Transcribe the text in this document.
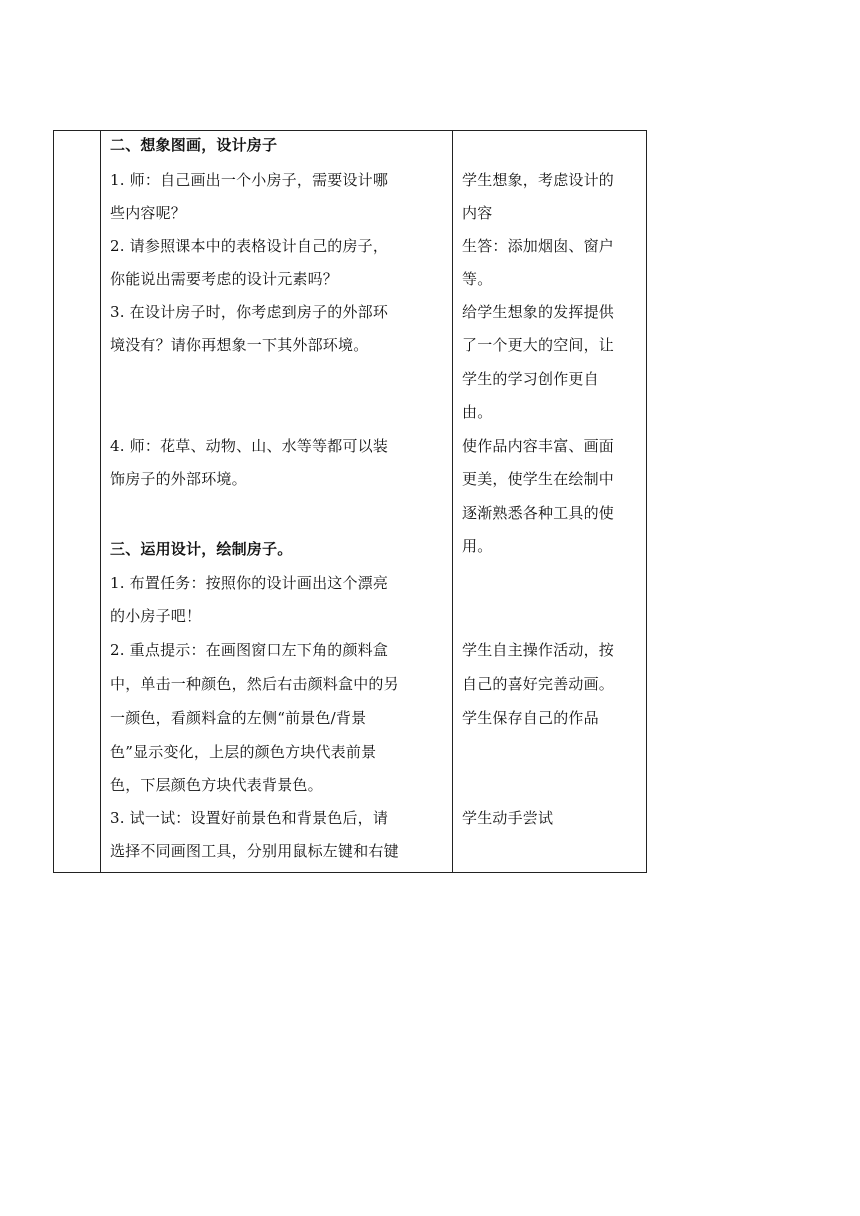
二、想象图画，设计房子
1. 师：自己画出一个小房子，需要设计哪
些内容呢？
2. 请参照课本中的表格设计自己的房子，
你能说出需要考虑的设计元素吗？
3. 在设计房子时，你考虑到房子的外部环
境没有？请你再想象一下其外部环境。
4. 师：花草、动物、山、水等等都可以装
饰房子的外部环境。
三、运用设计，绘制房子。
1. 布置任务：按照你的设计画出这个漂亮
的小房子吧！
2. 重点提示：在画图窗口左下角的颜料盒
中，单击一种颜色，然后右击颜料盒中的另
一颜色，看颜料盒的左侧“前景色/背景
色”显示变化，上层的颜色方块代表前景
色，下层颜色方块代表背景色。
3. 试一试：设置好前景色和背景色后，请
选择不同画图工具，分别用鼠标左键和右键
学生想象，考虑设计的
内容
生答：添加烟囱、窗户
等。
给学生想象的发挥提供
了一个更大的空间，让
学生的学习创作更自
由。
使作品内容丰富、画面
更美，使学生在绘制中
逐渐熟悉各种工具的使
用。
学生自主操作活动，按
自己的喜好完善动画。
学生保存自己的作品
学生动手尝试
